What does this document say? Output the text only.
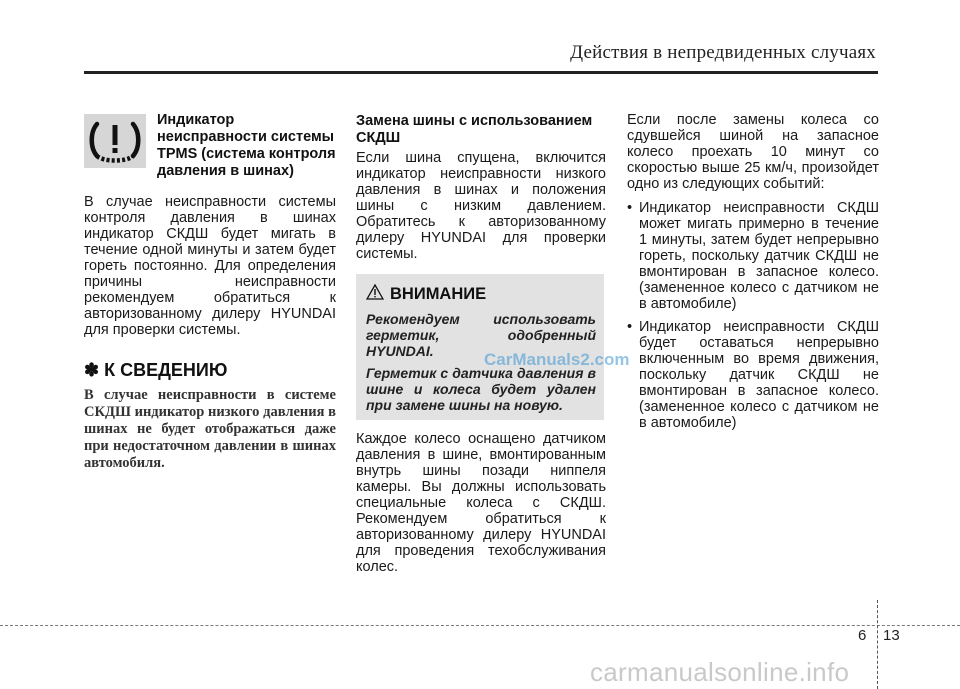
Действия в непредвиденных случаях
Индикатор неисправности системы TPMS (система контроля давления в шинах)

В случае неисправности системы контроля давления в шинах индикатор СКДШ будет мигать в течение одной минуты и затем будет гореть постоянно. Для определения причины неисправности рекомендуем обратиться к авторизованному дилеру HYUNDAI для проверки системы.

✽ К СВЕДЕНИЮ
В случае неисправности в системе СКДШ индикатор низкого давления в шинах не будет отображаться даже при недостаточном давлении в шинах автомобиля.
Замена шины с использованием СКДШ

Если шина спущена, включится индикатор неисправности низкого давления в шинах и положения шины с низким давлением. Обратитесь к авторизованному дилеру HYUNDAI для проверки системы.

ВНИМАНИЕ
Рекомендуем использовать герметик, одобренный HYUNDAI.
Герметик с датчика давления в шине и колеса будет удален при замене шины на новую.
CarManuals2.com

Каждое колесо оснащено датчиком давления в шине, вмонтированным внутрь шины позади ниппеля камеры. Вы должны использовать специальные колеса с СКДШ. Рекомендуем обратиться к авторизованному дилеру HYUNDAI для проведения техобслуживания колес.

Если после замены колеса со сдувшейся шиной на запасное колесо проехать 10 минут со скоростью выше 25 км/ч, произойдет одно из следующих событий:

• Индикатор неисправности СКДШ может мигать примерно в течение 1 минуты, затем будет непрерывно гореть, поскольку датчик СКДШ не вмонтирован в запасное колесо. (замененное колесо с датчиком не в автомобиле)
• Индикатор неисправности СКДШ будет оставаться непрерывно включенным во время движения, поскольку датчик СКДШ не вмонтирован в запасное колесо. (замененное колесо с датчиком не в автомобиле)
6 13
carmanualsonline.info
